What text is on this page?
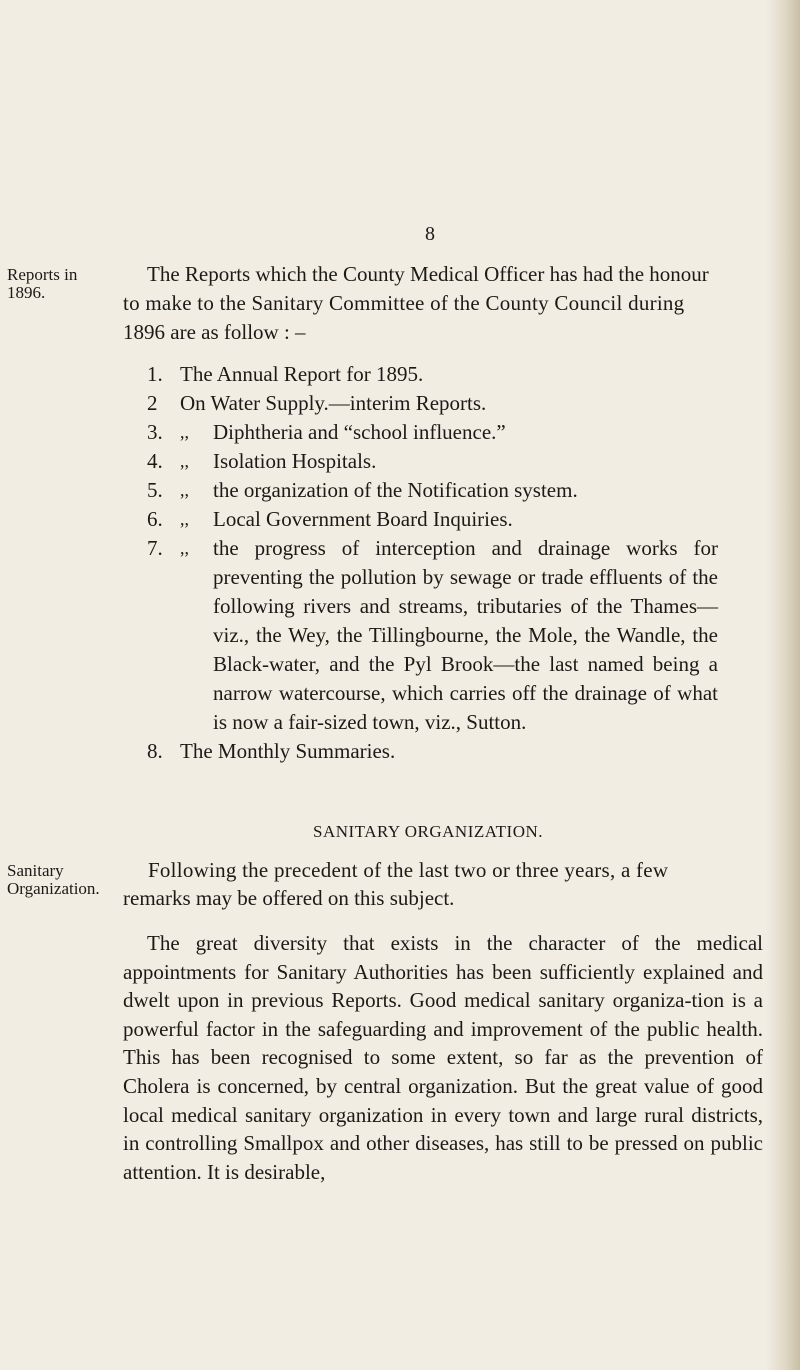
8
Reports in
1896.
The Reports which the County Medical Officer has had the honour
to make to the Sanitary Committee of the County Council during
1896 are as follow : –
1. The Annual Report for 1895.
2	On Water Supply.—interim Reports.
3. ,,	Diphtheria and “school influence.”
4. ,,	Isolation Hospitals.
5. ,,	the organization of the Notification system.
6. ,,	Local Government Board Inquiries.
7. ,,	the progress of interception and drainage works for preventing the pollution by sewage or trade effluents of the following rivers and streams, tributaries of the Thames—viz., the Wey, the Tillingbourne, the Mole, the Wandle, the Black-water, and the Pyl Brook—the last named being a narrow watercourse, which carries off the drainage of what is now a fair-sized town, viz., Sutton.
8. The Monthly Summaries.
SANITARY ORGANIZATION.
Sanitary
Organization.
Following the precedent of the last two or three years, a few
remarks may be offered on this subject.
The great diversity that exists in the character of the medical appointments for Sanitary Authorities has been sufficiently explained and dwelt upon in previous Reports. Good medical sanitary organiza-tion is a powerful factor in the safeguarding and improvement of the public health. This has been recognised to some extent, so far as the prevention of Cholera is concerned, by central organization. But the great value of good local medical sanitary organization in every town and large rural districts, in controlling Smallpox and other diseases, has still to be pressed on public attention. It is desirable,
